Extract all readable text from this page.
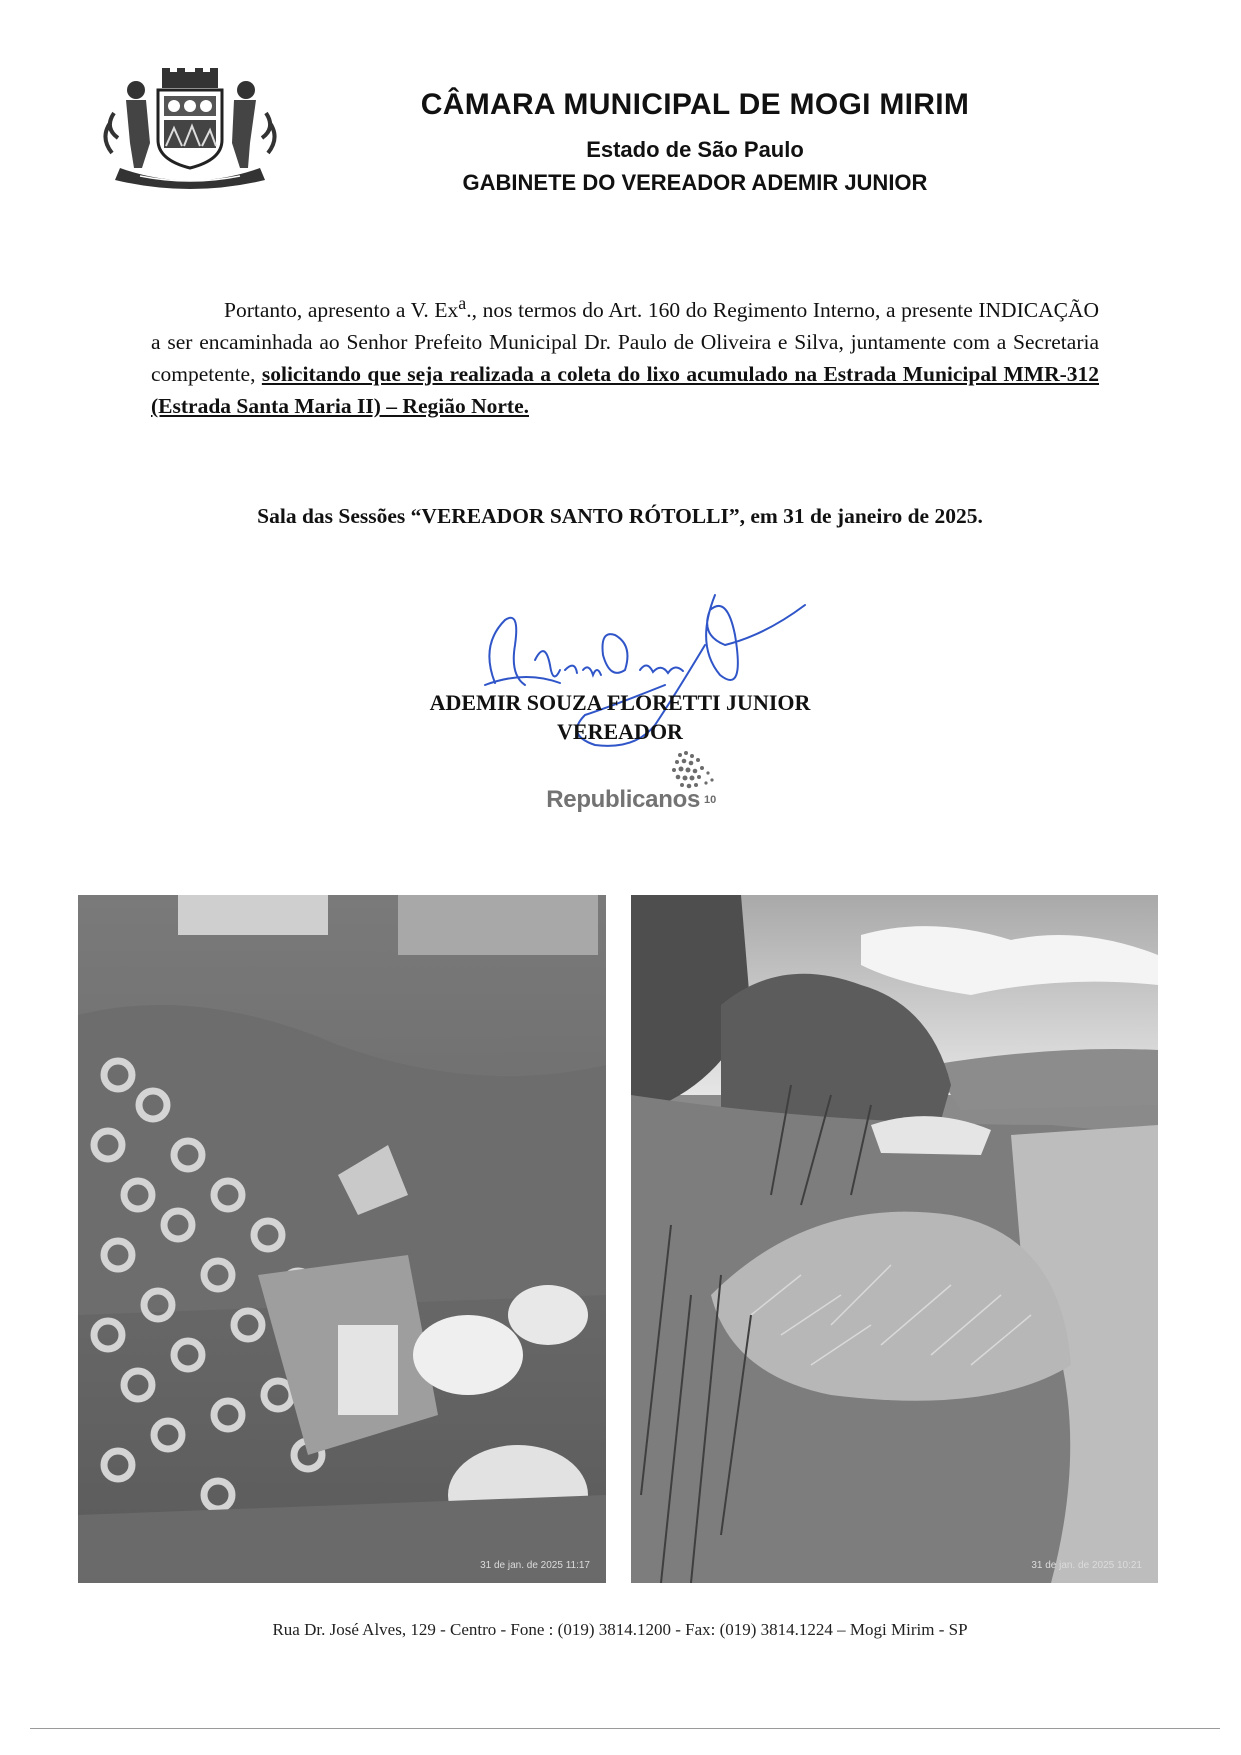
CÂMARA MUNICIPAL DE MOGI MIRIM
Estado de São Paulo
GABINETE DO VEREADOR ADEMIR JUNIOR
Portanto, apresento a V. Ex$^a$., nos termos do Art. 160 do Regimento Interno, a presente INDICAÇÃO a ser encaminhada ao Senhor Prefeito Municipal Dr. Paulo de Oliveira e Silva, juntamente com a Secretaria competente, solicitando que seja realizada a coleta do lixo acumulado na Estrada Municipal MMR-312 (Estrada Santa Maria II) – Região Norte.
Sala das Sessões “VEREADOR SANTO RÓTOLLI”, em 31 de janeiro de 2025.
ADEMIR SOUZA FLORETTI JUNIOR
VEREADOR
10
Republicanos
31 de jan. de 2025 11:17	31 de jan. de 2025 10:21
Rua Dr. José Alves, 129 - Centro - Fone : (019) 3814.1200 - Fax: (019) 3814.1224 – Mogi Mirim - SP
